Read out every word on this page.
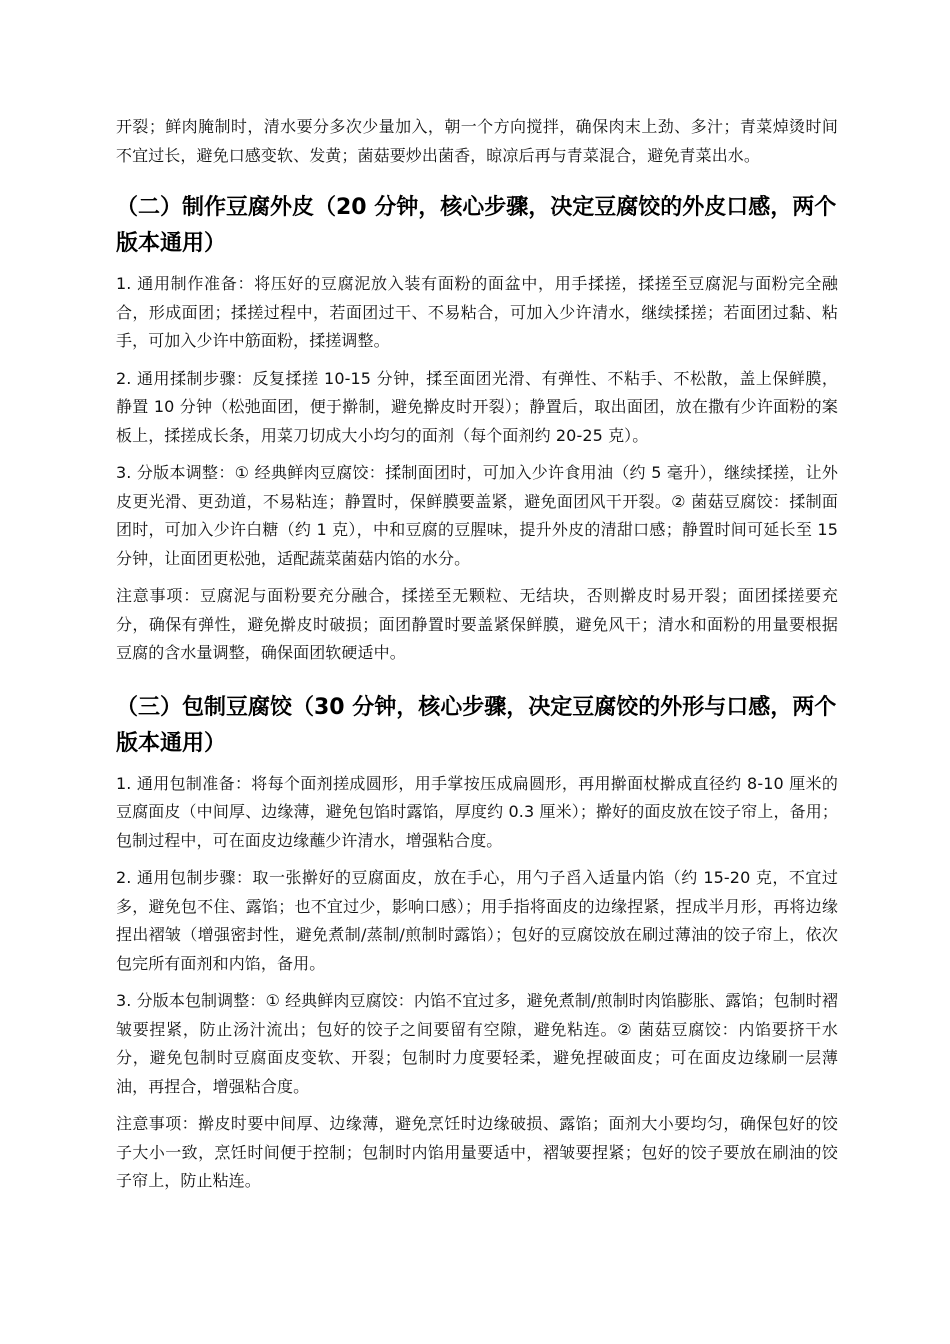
开裂；鲜肉腌制时，清水要分多次少量加入，朝一个方向搅拌，确保肉末上劲、多汁；青菜焯烫时间不宜过长，避免口感变软、发黄；菌菇要炒出菌香，晾凉后再与青菜混合，避免青菜出水。

（二）制作豆腐外皮（20 分钟，核心步骤，决定豆腐饺的外皮口感，两个版本通用）

1. 通用制作准备：将压好的豆腐泥放入装有面粉的面盆中，用手揉搓，揉搓至豆腐泥与面粉完全融合，形成面团；揉搓过程中，若面团过干、不易粘合，可加入少许清水，继续揉搓；若面团过黏、粘手，可加入少许中筋面粉，揉搓调整。

2. 通用揉制步骤：反复揉搓 10-15 分钟，揉至面团光滑、有弹性、不粘手、不松散，盖上保鲜膜，静置 10 分钟（松弛面团，便于擀制，避免擀皮时开裂）；静置后，取出面团，放在撒有少许面粉的案板上，揉搓成长条，用菜刀切成大小均匀的面剂（每个面剂约 20-25 克）。

3. 分版本调整：① 经典鲜肉豆腐饺：揉制面团时，可加入少许食用油（约 5 毫升），继续揉搓，让外皮更光滑、更劲道，不易粘连；静置时，保鲜膜要盖紧，避免面团风干开裂。② 菌菇豆腐饺：揉制面团时，可加入少许白糖（约 1 克），中和豆腐的豆腥味，提升外皮的清甜口感；静置时间可延长至 15 分钟，让面团更松弛，适配蔬菜菌菇内馅的水分。

注意事项：豆腐泥与面粉要充分融合，揉搓至无颗粒、无结块，否则擀皮时易开裂；面团揉搓要充分，确保有弹性，避免擀皮时破损；面团静置时要盖紧保鲜膜，避免风干；清水和面粉的用量要根据豆腐的含水量调整，确保面团软硬适中。

（三）包制豆腐饺（30 分钟，核心步骤，决定豆腐饺的外形与口感，两个版本通用）

1. 通用包制准备：将每个面剂搓成圆形，用手掌按压成扁圆形，再用擀面杖擀成直径约 8-10 厘米的豆腐面皮（中间厚、边缘薄，避免包馅时露馅，厚度约 0.3 厘米）；擀好的面皮放在饺子帘上，备用；包制过程中，可在面皮边缘蘸少许清水，增强粘合度。

2. 通用包制步骤：取一张擀好的豆腐面皮，放在手心，用勺子舀入适量内馅（约 15-20 克，不宜过多，避免包不住、露馅；也不宜过少，影响口感）；用手指将面皮的边缘捏紧，捏成半月形，再将边缘捏出褶皱（增强密封性，避免煮制/蒸制/煎制时露馅）；包好的豆腐饺放在刷过薄油的饺子帘上，依次包完所有面剂和内馅，备用。

3. 分版本包制调整：① 经典鲜肉豆腐饺：内馅不宜过多，避免煮制/煎制时肉馅膨胀、露馅；包制时褶皱要捏紧，防止汤汁流出；包好的饺子之间要留有空隙，避免粘连。② 菌菇豆腐饺：内馅要挤干水分，避免包制时豆腐面皮变软、开裂；包制时力度要轻柔，避免捏破面皮；可在面皮边缘刷一层薄油，再捏合，增强粘合度。

注意事项：擀皮时要中间厚、边缘薄，避免烹饪时边缘破损、露馅；面剂大小要均匀，确保包好的饺子大小一致，烹饪时间便于控制；包制时内馅用量要适中，褶皱要捏紧；包好的饺子要放在刷油的饺子帘上，防止粘连。
